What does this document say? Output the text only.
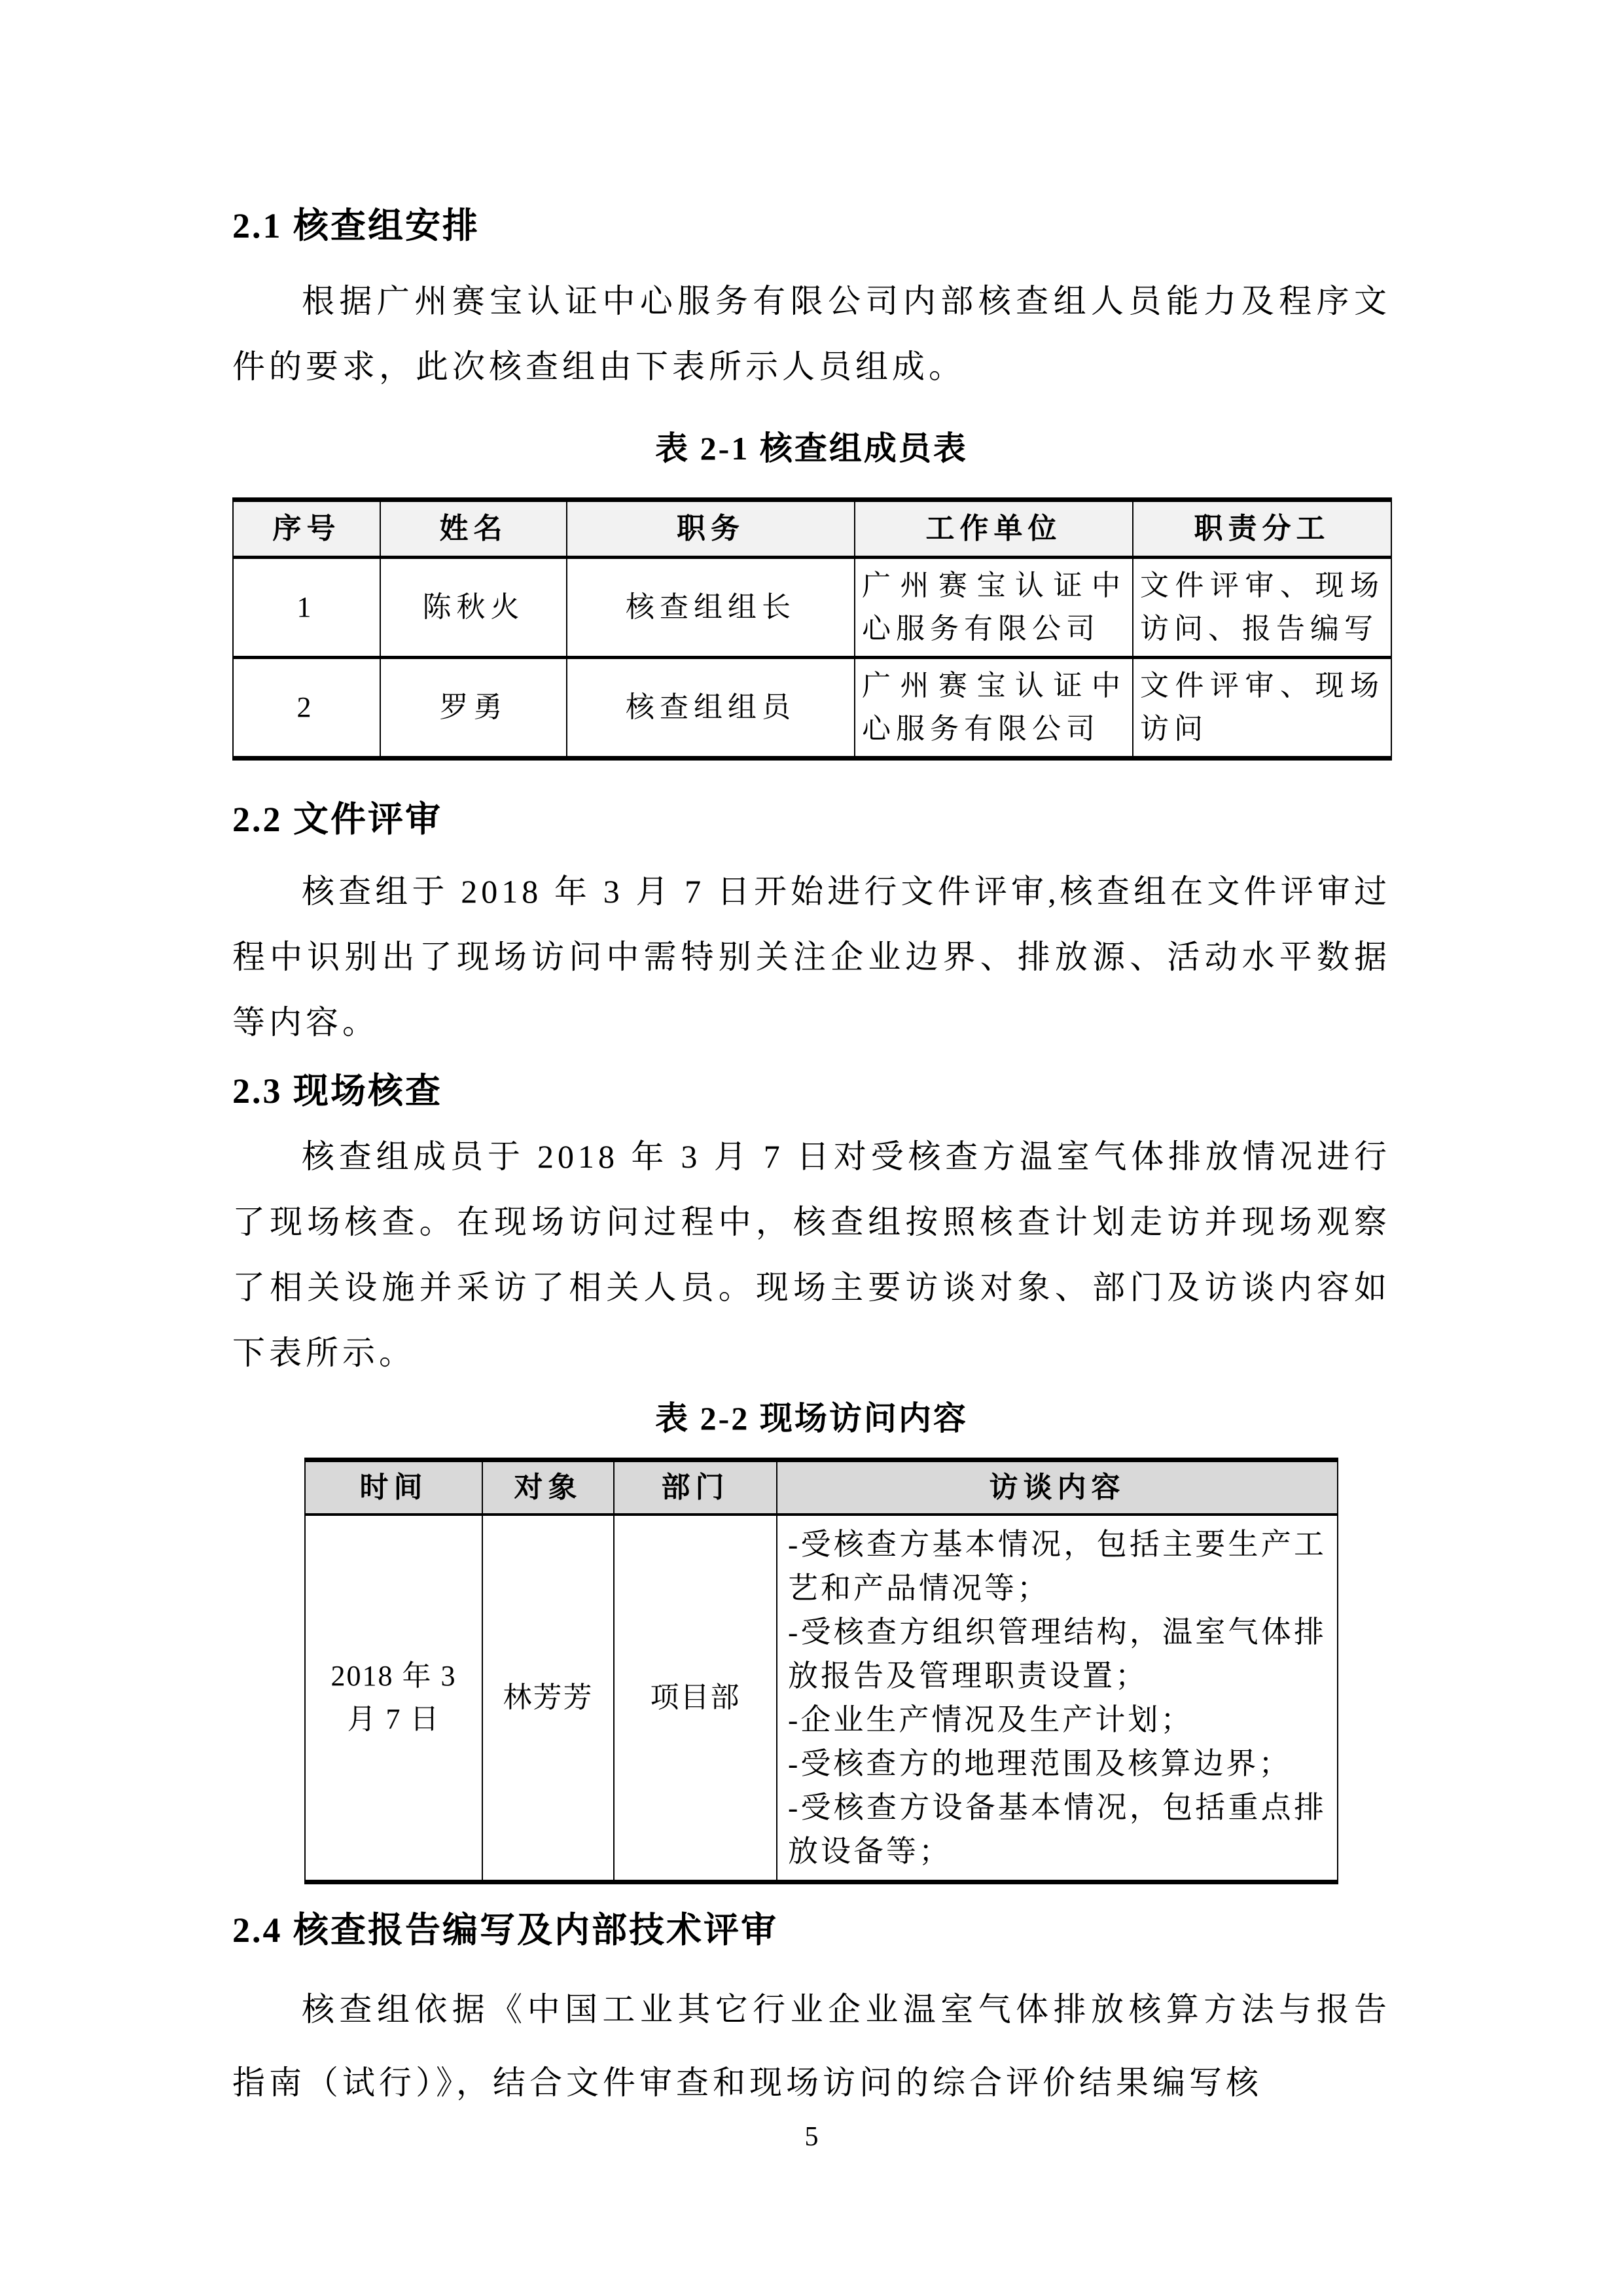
2.1 核查组安排

根据广州赛宝认证中心服务有限公司内部核查组人员能力及程序文件的要求，此次核查组由下表所示人员组成。

表 2-1 核查组成员表
序号	姓名	职务	工作单位	职责分工
1	陈秋火	核查组组长	广州赛宝认证中心服务有限公司	文件评审、现场访问、报告编写
2	罗勇	核查组组员	广州赛宝认证中心服务有限公司	文件评审、现场访问
2.2 文件评审

核查组于 2018 年 3 月 7 日开始进行文件评审,核查组在文件评审过程中识别出了现场访问中需特别关注企业边界、排放源、活动水平数据等内容。

2.3 现场核查

核查组成员于 2018 年 3 月 7 日对受核查方温室气体排放情况进行了现场核查。在现场访问过程中，核查组按照核查计划走访并现场观察了相关设施并采访了相关人员。现场主要访谈对象、部门及访谈内容如下表所示。

表 2-2 现场访问内容
时间	对象	部门	访谈内容
2018 年 3 月 7 日	林芳芳	项目部	-受核查方基本情况，包括主要生产工艺和产品情况等；
-受核查方组织管理结构，温室气体排放报告及管理职责设置；
-企业生产情况及生产计划；
-受核查方的地理范围及核算边界；
-受核查方设备基本情况，包括重点排放设备等；
2.4 核查报告编写及内部技术评审

核查组依据《中国工业其它行业企业温室气体排放核算方法与报告指南（试行）》，结合文件审查和现场访问的综合评价结果编写核

5
